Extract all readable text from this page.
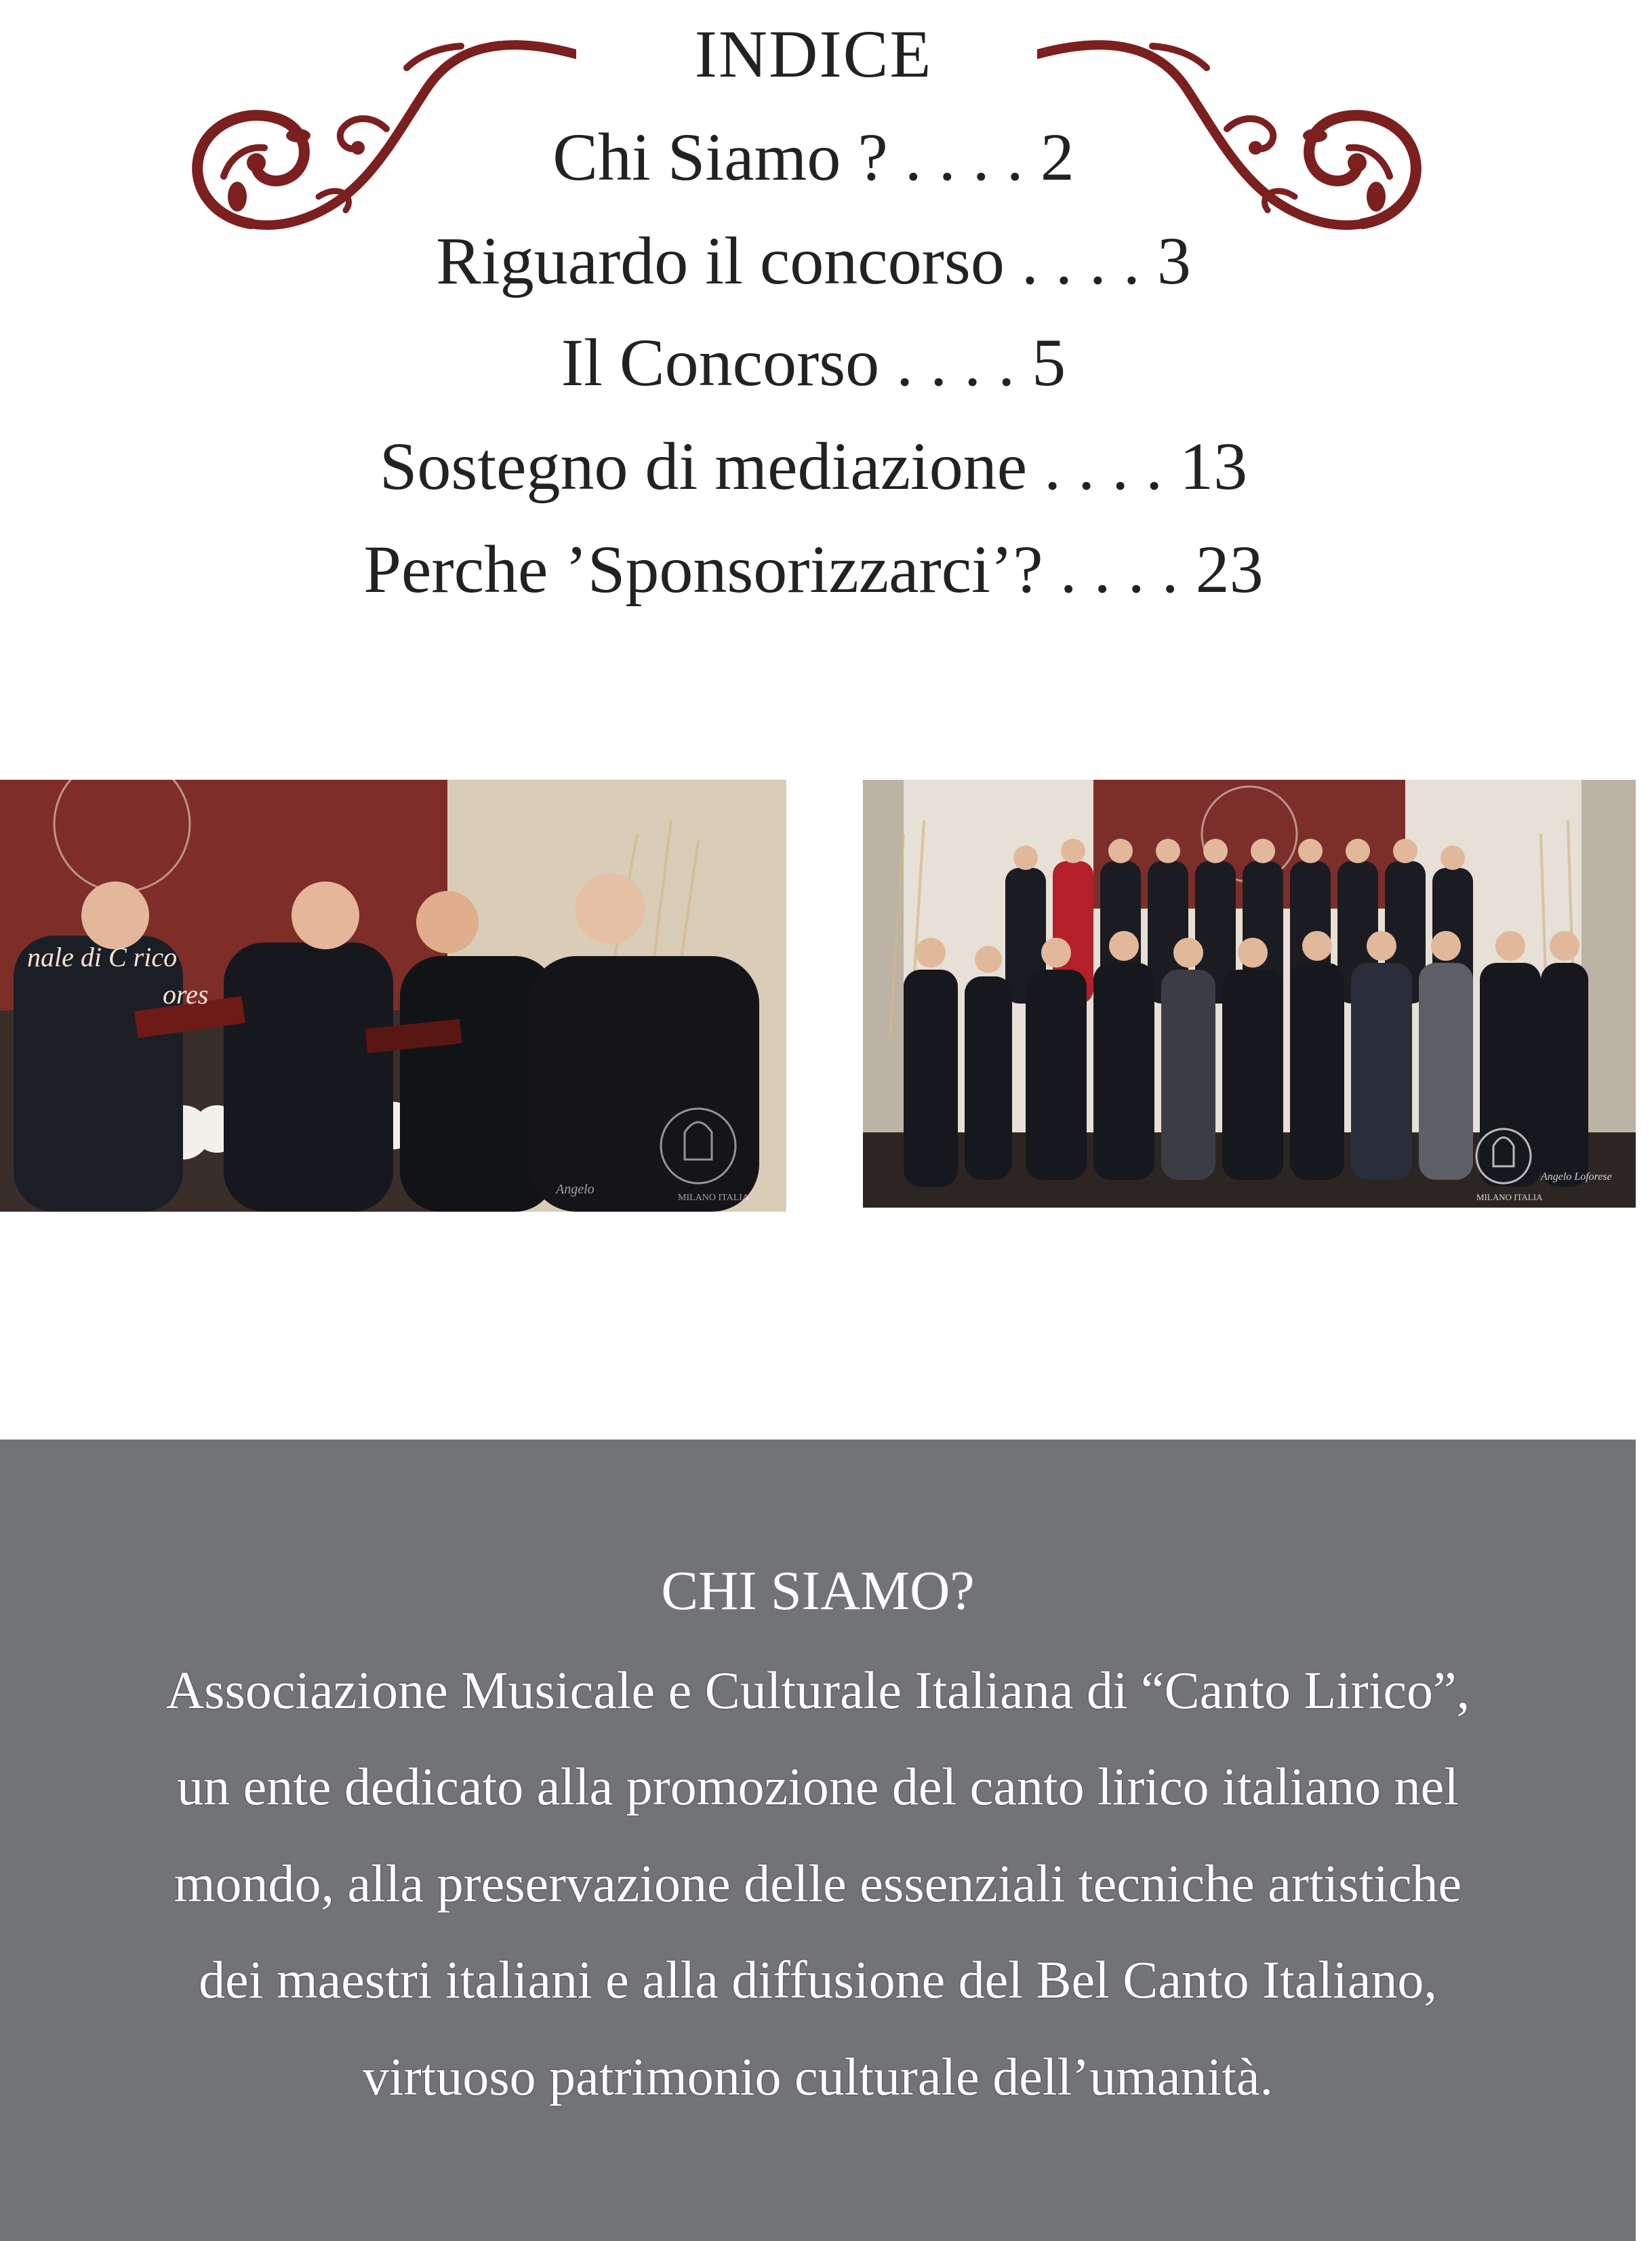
INDICE
Chi Siamo ? . . . . 2
Riguardo il concorso . . . . 3
Il Concorso . . . . 5
Sostegno di mediazione . . . . 13
Perche ’Sponsorizzarci’? . . . . 23
nale di C rico
ores
MILANO ITALIA
Angelo
MILANO ITALIA
Angelo Loforese
CHI SIAMO?
Associazione Musicale e Culturale Italiana di “Canto Lirico”,
un ente dedicato alla promozione del canto lirico italiano nel
mondo, alla preservazione delle essenziali tecniche artistiche
dei maestri italiani e alla diffusione del Bel Canto Italiano,
virtuoso patrimonio culturale dell’umanità.
